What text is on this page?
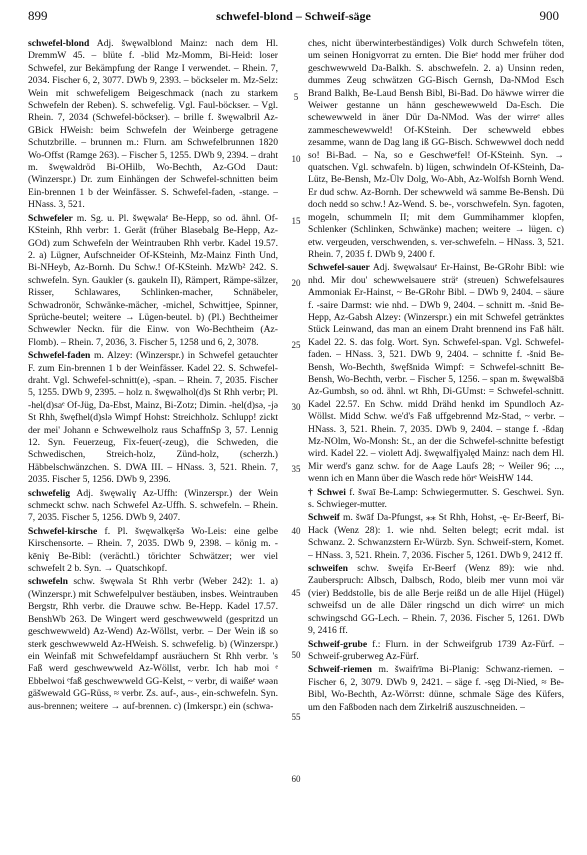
899	schwefel-blond – Schweif-säge	900

schwefel-blond Adj. šwęwəlblond Mainz: nach dem Hl. DremmW 45. – blüte f. -blid Mz-Momm, Bi-Heid: loser Schwefel, zur Bekämpfung der Range I verwendet. – Rhein. 7, 2034. Fischer 6, 2, 3077. DWb 9, 2393. – böckseler m. Mz-Selz: Wein mit schwefeligem Beigeschmack (nach zu starkem Schwefeln der Reben). S. schwefelig. Vgl. Faul-böckser. – Vgl. Rhein. 7, 2034 (Schwefel-böckser). – brille f. šwęwəlbril Az-GBick HWeish: beim Schwefeln der Weinberge getragene Schutzbrille. – brunnen m.: Flurn. am Schwefelbrunnen 1820 Wo-Offst (Ramge 263). – Fischer 5, 1255. DWb 9, 2394. – draht m. šwęwəldröd Bi-OHilb, Wo-Bechth, Az-GOd Daut: (Winzerspr.) Dr. zum Einhängen der Schwefel-schnitten beim Ein-brennen 1 b der Weinfässer. S. Schwefel-faden, -stange. – HNass. 3, 521.

Schwefeler m. Sg. u. Pl. šwęwəlaᵉ Be-Hepp, so od. ähnl. Of-KSteinh, Rhh verbr: 1. Gerät (früher Blasebalg Be-Hepp, Az-GOd) zum Schwefeln der Weintrauben Rhh verbr. Kadel 19.57. 2. a) Lügner, Aufschneider Of-KSteinh, Mz-Mainz Finth Und, Bi-NHeyb, Az-Bornh. Du Schw.! Of-KSteinh. MzWb² 242. S. schwefeln. Syn. Gaukler (s. gaukeln II), Rämpert, Rämpe-sälzer, Risser, Schlawares, Schlinken-macher, Schnäbeler, Schwadronör, Schwänke-mächer, -michel, Schwittjee, Spinner, Sprüche-beutel; weitere → Lügen-beutel. b) (Pl.) Bechtheimer Schwewler Neckn. für die Einw. von Wo-Bechtheim (Az-Flomb). – Rhein. 7, 2036, 3. Fischer 5, 1258 und 6, 2, 3078.

Schwefel-faden m. Alzey: (Winzerspr.) in Schwefel getauchter F. zum Ein-brennen 1 b der Weinfässer. Kadel 22. S. Schwefel-draht. Vgl. Schwefel-schnitt(e), -span. – Rhein. 7, 2035. Fischer 5, 1255. DWb 9, 2395. – holz n. šwęwəlhol(d)s St Rhh verbr; Pl. -hel(d)saᵉ Of-Jüg, Da-Ebst, Mainz, Bi-Zotz; Dimin. -hel(d)sə, -jə St Rhh, šwęfhel(d)slə Wimpf Hohst: Streichholz. Schlupp! zickt der mei' Johann e Schwewelholz raus SchaffnSp 3, 57. Lennig 12. Syn. Feuerzeug, Fix-feuer(-zeug), die Schweden, die Schwedischen, Streich-holz, Zünd-holz, (scherzh.) Häbbelschwänzchen. S. DWA III. – HNass. 3, 521. Rhein. 7, 2035. Fischer 5, 1256. DWb 9, 2396.

schwefelig Adj. šwęwəliɣ Az-Uffh: (Winzerspr.) der Wein schmeckt schw. nach Schwefel Az-Uffh. S. schwefeln. – Rhein. 7, 2035. Fischer 5, 1256. DWb 9, 2407.

Schwefel-kirsche f. Pl. šwęwəlkęršə Wo-Leis: eine gelbe Kirschensorte. – Rhein. 7, 2035. DWb 9, 2398. – könig m. -kēniɣ Be-Bibl: (verächtl.) törichter Schwätzer; wer viel schwefelt 2 b. Syn. → Quatschkopf.

schwefeln schw. šwęwəla St Rhh verbr (Weber 242): 1. a) (Winzerspr.) mit Schwefelpulver bestäuben, insbes. Weintrauben Bergstr, Rhh verbr. die Drauwe schw. Be-Hepp. Kadel 17.57. BenshWb 263. De Wingert werd geschwewweld (gespritzd un geschwewweld) Az-Wend) Az-Wöllst, verbr. – Der Wein iß so sterk geschwewweld Az-HWeish. S. schwefelig. b) (Winzerspr.) ein Weinfaß mit Schwefeldampf ausräuchern St Rhh verbr. 's Faß werd geschwewweld Az-Wöllst, verbr. Ich hab moi ᵉ Ebbelwoi ᵉfaß geschwewweld GG-Kelst, ~ verbr, di waißeᵉ wəən gäšwewəld GG-Rüss, ≈ verbr. Zs. auf-, aus-, ein-schwefeln. Syn. aus-brennen; weitere → auf-brennen. c) (Imkerspr.) ein (schwa-

5
10
15
20
25
30
35
40
45
50
55
60

ches, nicht überwinterbeständiges) Volk durch Schwefeln töten, um seinen Honigvorrat zu ernten. Die Bieᵉ hodd mer früher dod geschwewweld Da-Balkh. S. abschwefeln. 2. a) Unsinn reden, dummes Zeug schwätzen GG-Bisch Gernsh, Da-NMod Esch Brand Balkh, Be-Laud Bensh Bibl, Bi-Bad. Do häwwe wirrer die Weiwer gestanne un hänn geschewewweld Da-Esch. Die schewewweld in äner Dür Da-NMod. Was der wirreᵉ alles zammeschewewweld! Of-KSteinh. Der schewweld ebbes zesamme, wann de Dag lang iß GG-Bisch. Schwewwel doch nedd so! Bi-Bad. – Na, so e Geschweᵉfel! Of-KSteinh. Syn. → quatschen. Vgl. schwafeln. b) lügen, schwindeln Of-KSteinh, Da-Lütz, Be-Bensh, Mz-Ülv Dolg, Wo-Abh, Az-Wolfsh Bornh Wend. Er dud schw. Az-Bornh. Der schewweld wä samme Be-Bensh. Dü doch nedd so schw.! Az-Wend. S. be-, vorschwefeln. Syn. fagoten, mogeln, schummeln II; mit dem Gummihammer klopfen, Schlenker (Schlinken, Schwänke) machen; weitere → lügen. c) etw. vergeuden, verschwenden, s. ver-schwefeln. – HNass. 3, 521. Rhein. 7, 2035 f. DWb 9, 2400 f.

Schwefel-sauer Adj. šwęwəlsauᵉ Er-Hainst, Be-GRohr Bibl: wie nhd. Mir dou' schewwelsauere sträᵉ (streuen) Schwefelsaures Ammoniak Er-Hainst, ~ Be-GRohr Bibl. – DWb 9, 2404. – säure f. -saire Darmst: wie nhd. – DWb 9, 2404. – schnitt m. -šnid Be-Hepp, Az-Gabsh Alzey: (Winzerspr.) ein mit Schwefel getränktes Stück Leinwand, das man an einem Draht brennend ins Faß hält. Kadel 22. S. das folg. Wort. Syn. Schwefel-span. Vgl. Schwefel-faden. – HNass. 3, 521. DWb 9, 2404. – schnitte f. -šnid Be-Bensh, Wo-Bechth, šwęfšnidə Wimpf: = Schwefel-schnitt Be-Bensh, Wo-Bechth, verbr. – Fischer 5, 1256. – span m. šwęwəlšbā Az-Gumbsh, so od. ähnl. wt Rhh, Di-GUmst: = Schwefel-schnitt. Kadel 22.57. En Schw. midd Drähd henkd im Spundloch Az-Wöllst. Midd Schw. we'd's Faß uffgebrennd Mz-Stad, ~ verbr. – HNass. 3, 521. Rhein. 7, 2035. DWb 9, 2404. – stange f. -ßdaŋ Mz-NOlm, Wo-Monsh: St., an der die Schwefel-schnitte befestigt wird. Kadel 22. – violett Adj. šwęwalfįɣəlęd Mainz: nach dem Hl. Mir werd's ganz schw. for de Aage Laufs 28; ~ Weiler 96; ..., wenn ich en Mann über die Wasch rede hörᵉ WeisHW 144.

† Schwei f. šwaī Be-Lamp: Schwiegermutter. S. Geschwei. Syn. s. Schwieger-mutter.

Schweif m. šwāf Da-Pfungst, ⁎⁎ St Rhh, Hohst, -ę- Er-Beerf, Bi-Hack (Wenz 28): 1. wie nhd. Selten belegt; ecrit mdal. ist Schwanz. 2. Schwanzstern Er-Würzb. Syn. Schweif-stern, Komet. – HNass. 3, 521. Rhein. 7, 2036. Fischer 5, 1261. DWb 9, 2412 ff.

schweifen schw. šwęifə Er-Beerf (Wenz 89): wie nhd. Zauberspruch: Albsch, Dalbsch, Rodo, bleib mer vunn moi vär (vier) Beddstolle, bis de alle Berje reißd un de alle Hijel (Hügel) schweifsd un de alle Däler ringschd un dich wirreᵉ un mich schwingschd GG-Lech. – Rhein. 7, 2036. Fischer 5, 1261. DWb 9, 2416 ff.

Schweif-grube f.: Flurn. in der Schweifgrub 1739 Az-Fürf. – Schweif-gruberweg Az-Fürf.

Schweif-riemen m. šwaifrīmə Bi-Planig: Schwanz-riemen. – Fischer 6, 2, 3079. DWb 9, 2421. – säge f. -sęg Di-Nied, ≈ Be-Bibl, Wo-Bechth, Az-Wörrst: dünne, schmale Säge des Küfers, um den Faßboden nach dem Zirkelriß auszuschneiden. –
